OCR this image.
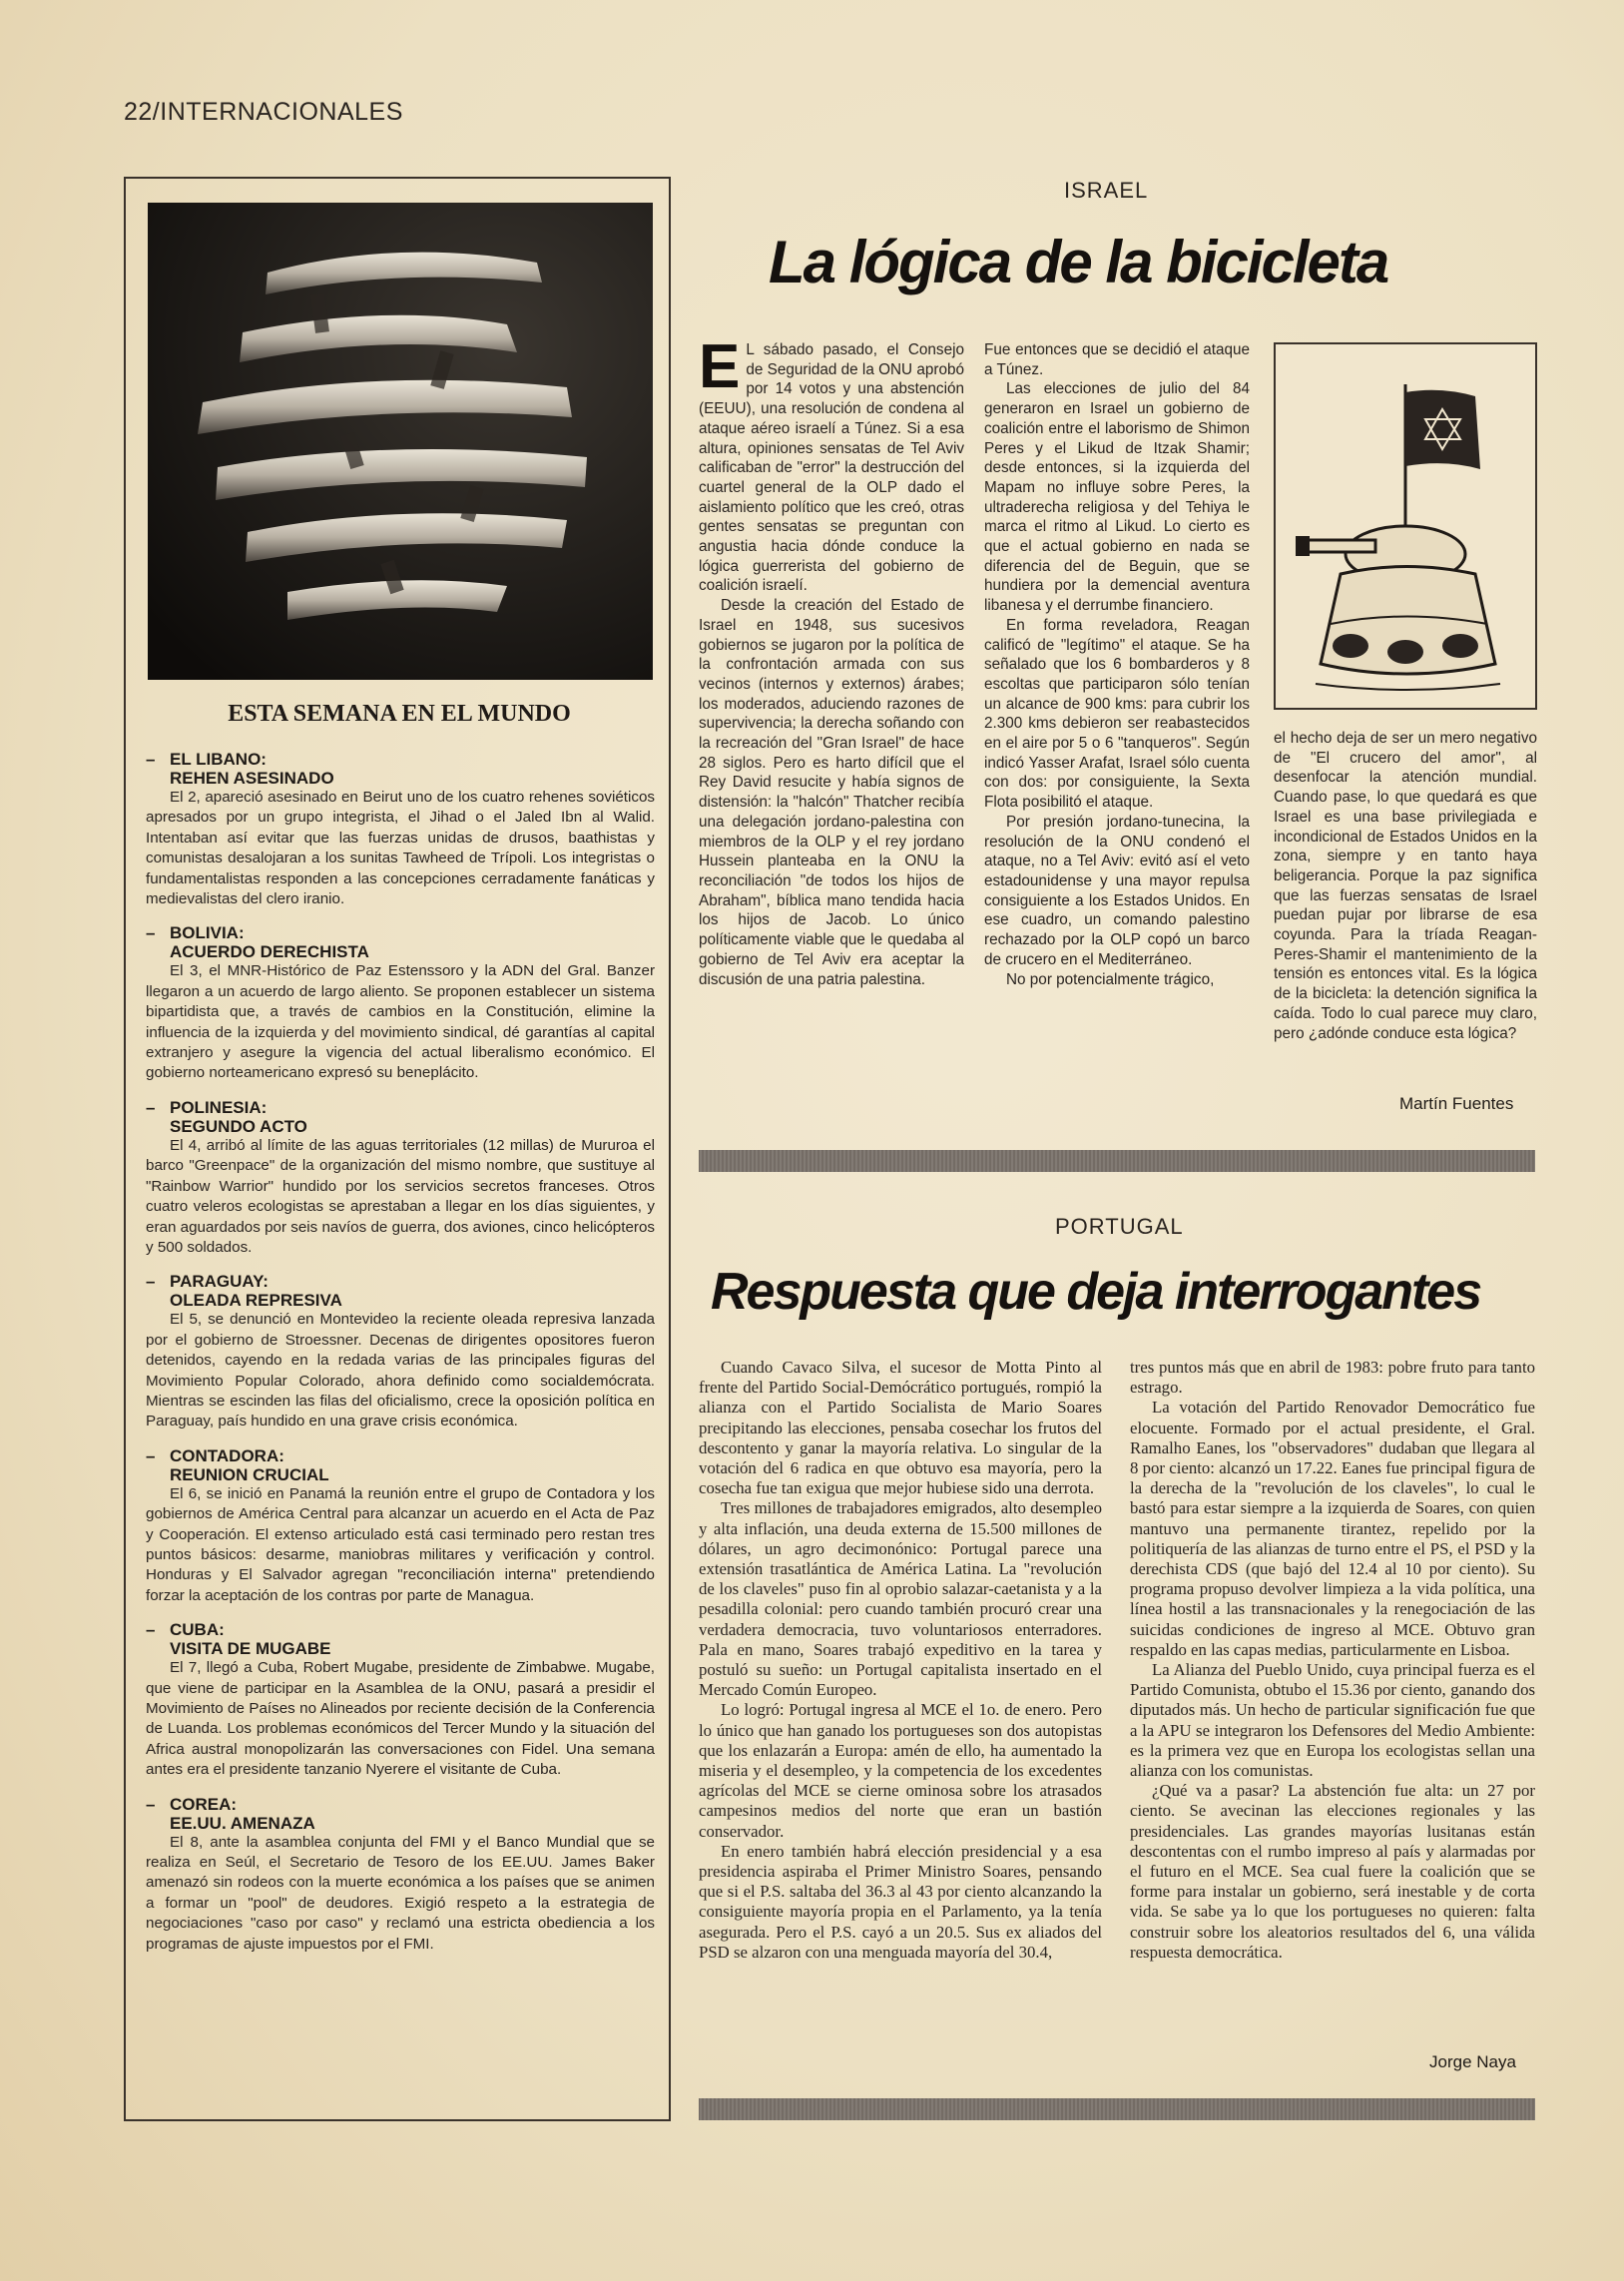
22/INTERNACIONALES
ESTA SEMANA EN EL MUNDO
– EL LIBANO:
REHEN ASESINADO
El 2, apareció asesinado en Beirut uno de los cuatro rehenes soviéticos apresados por un grupo integrista, el Jihad o el Jaled Ibn al Walid. Intentaban así evitar que las fuerzas unidas de drusos, baathistas y comunistas desalojaran a los sunitas Tawheed de Trípoli. Los integristas o fundamentalistas responden a las concepciones cerradamente fanáticas y medievalistas del clero iranio.
– BOLIVIA:
ACUERDO DERECHISTA
El 3, el MNR-Histórico de Paz Estenssoro y la ADN del Gral. Banzer llegaron a un acuerdo de largo aliento. Se proponen establecer un sistema bipartidista que, a través de cambios en la Constitución, elimine la influencia de la izquierda y del movimiento sindical, dé garantías al capital extranjero y asegure la vigencia del actual liberalismo económico. El gobierno norteamericano expresó su beneplácito.
– POLINESIA:
SEGUNDO ACTO
El 4, arribó al límite de las aguas territoriales (12 millas) de Mururoa el barco "Greenpace" de la organización del mismo nombre, que sustituye al "Rainbow Warrior" hundido por los servicios secretos franceses. Otros cuatro veleros ecologistas se aprestaban a llegar en los días siguientes, y eran aguardados por seis navíos de guerra, dos aviones, cinco helicópteros y 500 soldados.
– PARAGUAY:
OLEADA REPRESIVA
El 5, se denunció en Montevideo la reciente oleada represiva lanzada por el gobierno de Stroessner. Decenas de dirigentes opositores fueron detenidos, cayendo en la redada varias de las principales figuras del Movimiento Popular Colorado, ahora definido como socialdemócrata. Mientras se escinden las filas del oficialismo, crece la oposición política en Paraguay, país hundido en una grave crisis económica.
– CONTADORA:
REUNION CRUCIAL
El 6, se inició en Panamá la reunión entre el grupo de Contadora y los gobiernos de América Central para alcanzar un acuerdo en el Acta de Paz y Cooperación. El extenso articulado está casi terminado pero restan tres puntos básicos: desarme, maniobras militares y verificación y control. Honduras y El Salvador agregan "reconciliación interna" pretendiendo forzar la aceptación de los contras por parte de Managua.
– CUBA:
VISITA DE MUGABE
El 7, llegó a Cuba, Robert Mugabe, presidente de Zimbabwe. Mugabe, que viene de participar en la Asamblea de la ONU, pasará a presidir el Movimiento de Países no Alineados por reciente decisión de la Conferencia de Luanda. Los problemas económicos del Tercer Mundo y la situación del Africa austral monopolizarán las conversaciones con Fidel. Una semana antes era el presidente tanzanio Nyerere el visitante de Cuba.
– COREA:
EE.UU. AMENAZA
El 8, ante la asamblea conjunta del FMI y el Banco Mundial que se realiza en Seúl, el Secretario de Tesoro de los EE.UU. James Baker amenazó sin rodeos con la muerte económica a los países que se animen a formar un "pool" de deudores. Exigió respeto a la estrategia de negociaciones "caso por caso" y reclamó una estricta obediencia a los programas de ajuste impuestos por el FMI.
ISRAEL
La lógica de la bicicleta
E L sábado pasado, el Consejo de Seguridad de la ONU aprobó por 14 votos y una abstención (EEUU), una resolución de condena al ataque aéreo israelí a Túnez. Si a esa altura, opiniones sensatas de Tel Aviv calificaban de "error" la destrucción del cuartel general de la OLP dado el aislamiento político que les creó, otras gentes sensatas se preguntan con angustia hacia dónde conduce la lógica guerrerista del gobierno de coalición israelí.

Desde la creación del Estado de Israel en 1948, sus sucesivos gobiernos se jugaron por la política de la confrontación armada con sus vecinos (internos y externos) árabes; los moderados, aduciendo razones de supervivencia; la derecha soñando con la recreación del "Gran Israel" de hace 28 siglos. Pero es harto difícil que el Rey David resucite y había signos de distensión: la "halcón" Thatcher recibía una delegación jordano-palestina con miembros de la OLP y el rey jordano Hussein planteaba en la ONU la reconciliación "de todos los hijos de Abraham", bíblica mano tendida hacia los hijos de Jacob. Lo único políticamente viable que le quedaba al gobierno de Tel Aviv era aceptar la discusión de una patria palestina.

Fue entonces que se decidió el ataque a Túnez.

Las elecciones de julio del 84 generaron en Israel un gobierno de coalición entre el laborismo de Shimon Peres y el Likud de Itzak Shamir; desde entonces, si la izquierda del Mapam no influye sobre Peres, la ultraderecha religiosa y del Tehiya le marca el ritmo al Likud. Lo cierto es que el actual gobierno en nada se diferencia del de Beguin, que se hundiera por la demencial aventura libanesa y el derrumbe financiero.

En forma reveladora, Reagan calificó de "legítimo" el ataque. Se ha señalado que los 6 bombarderos y 8 escoltas que participaron sólo tenían un alcance de 900 kms: para cubrir los 2.300 kms debieron ser reabastecidos en el aire por 5 o 6 "tanqueros". Según indicó Yasser Arafat, Israel sólo cuenta con dos: por consiguiente, la Sexta Flota posibilitó el ataque.

Por presión jordano-tunecina, la resolución de la ONU condenó el ataque, no a Tel Aviv: evitó así el veto estadounidense y una mayor repulsa consiguiente a los Estados Unidos. En ese cuadro, un comando palestino rechazado por la OLP copó un barco de crucero en el Mediterráneo.

No por potencialmente trágico,

el hecho deja de ser un mero negativo de "El crucero del amor", al desenfocar la atención mundial. Cuando pase, lo que quedará es que Israel es una base privilegiada e incondicional de Estados Unidos en la zona, siempre y en tanto haya beligerancia. Porque la paz significa que las fuerzas sensatas de Israel puedan pujar por librarse de esa coyunda. Para la tríada Reagan-Peres-Shamir el mantenimiento de la tensión es entonces vital. Es la lógica de la bicicleta: la detención significa la caída. Todo lo cual parece muy claro, pero ¿adónde conduce esta lógica?

Martín Fuentes
PORTUGAL
Respuesta que deja interrogantes

Cuando Cavaco Silva, el sucesor de Motta Pinto al frente del Partido Social-Demócrático portugués, rompió la alianza con el Partido Socialista de Mario Soares precipitando las elecciones, pensaba cosechar los frutos del descontento y ganar la mayoría relativa. Lo singular de la votación del 6 radica en que obtuvo esa mayoría, pero la cosecha fue tan exigua que mejor hubiese sido una derrota.

Tres millones de trabajadores emigrados, alto desempleo y alta inflación, una deuda externa de 15.500 millones de dólares, un agro decimonónico: Portugal parece una extensión trasatlántica de América Latina. La "revolución de los claveles" puso fin al oprobio salazar-caetanista y a la pesadilla colonial: pero cuando también procuró crear una verdadera democracia, tuvo voluntariosos enterradores. Pala en mano, Soares trabajó expeditivo en la tarea y postuló su sueño: un Portugal capitalista insertado en el Mercado Común Europeo.

Lo logró: Portugal ingresa al MCE el 1o. de enero. Pero lo único que han ganado los portugueses son dos autopistas que los enlazarán a Europa: amén de ello, ha aumentado la miseria y el desempleo, y la competencia de los excedentes agrícolas del MCE se cierne ominosa sobre los atrasados campesinos medios del norte que eran un bastión conservador.

En enero también habrá elección presidencial y a esa presidencia aspiraba el Primer Ministro Soares, pensando que si el P.S. saltaba del 36.3 al 43 por ciento alcanzando la consiguiente mayoría propia en el Parlamento, ya la tenía asegurada. Pero el P.S. cayó a un 20.5. Sus ex aliados del PSD se alzaron con una menguada mayoría del 30.4,

tres puntos más que en abril de 1983: pobre fruto para tanto estrago.

La votación del Partido Renovador Democrático fue elocuente. Formado por el actual presidente, el Gral. Ramalho Eanes, los "observadores" dudaban que llegara al 8 por ciento: alcanzó un 17.22. Eanes fue principal figura de la derecha de la "revolución de los claveles", lo cual le bastó para estar siempre a la izquierda de Soares, con quien mantuvo una permanente tirantez, repelido por la politiquería de las alianzas de turno entre el PS, el PSD y la derechista CDS (que bajó del 12.4 al 10 por ciento). Su programa propuso devolver limpieza a la vida política, una línea hostil a las transnacionales y la renegociación de las suicidas condiciones de ingreso al MCE. Obtuvo gran respaldo en las capas medias, particularmente en Lisboa.

La Alianza del Pueblo Unido, cuya principal fuerza es el Partido Comunista, obtubo el 15.36 por ciento, ganando dos diputados más. Un hecho de particular significación fue que a la APU se integraron los Defensores del Medio Ambiente: es la primera vez que en Europa los ecologistas sellan una alianza con los comunistas.

¿Qué va a pasar? La abstención fue alta: un 27 por ciento. Se avecinan las elecciones regionales y las presidenciales. Las grandes mayorías lusitanas están descontentas con el rumbo impreso al país y alarmadas por el futuro en el MCE. Sea cual fuere la coalición que se forme para instalar un gobierno, será inestable y de corta vida. Se sabe ya lo que los portugueses no quieren: falta construir sobre los aleatorios resultados del 6, una válida respuesta democrática.

Jorge Naya
